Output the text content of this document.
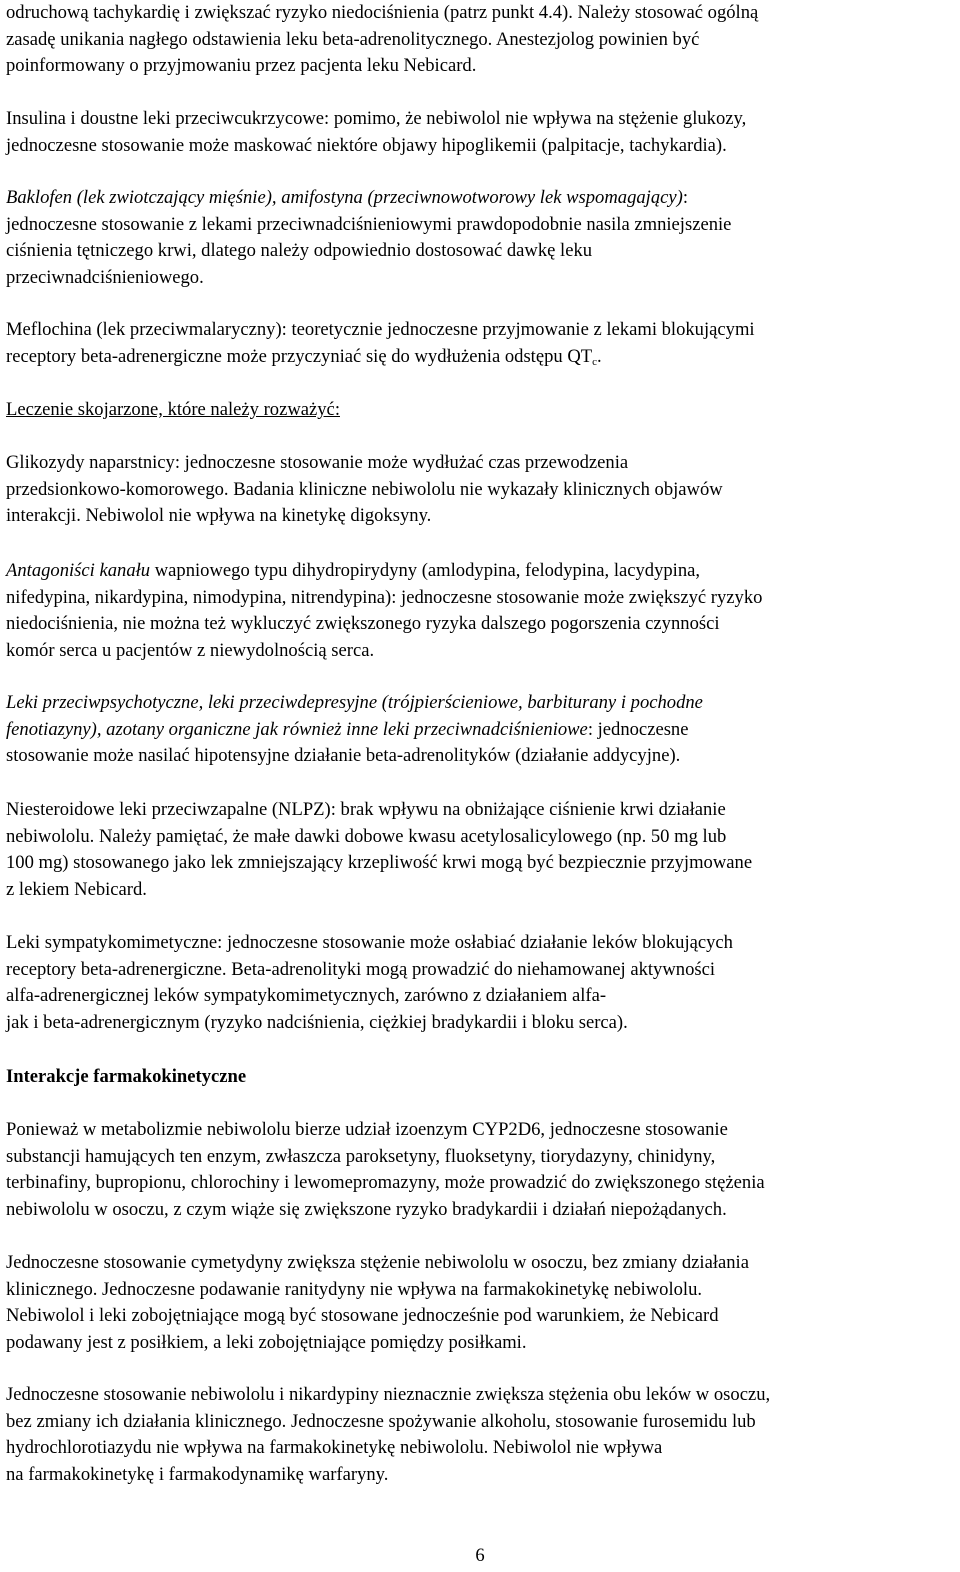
odruchową tachykardię i zwiększać ryzyko niedociśnienia (patrz punkt 4.4). Należy stosować ogólną
zasadę unikania nagłego odstawienia leku beta-adrenolitycznego. Anestezjolog powinien być
poinformowany o przyjmowaniu przez pacjenta leku Nebicard.

Insulina i doustne leki przeciwcukrzycowe: pomimo, że nebiwolol nie wpływa na stężenie glukozy,
jednoczesne stosowanie może maskować niektóre objawy hipoglikemii (palpitacje, tachykardia).

Baklofen (lek zwiotczający mięśnie), amifostyna (przeciwnowotworowy lek wspomagający):
jednoczesne stosowanie z lekami przeciwnadciśnieniowymi prawdopodobnie nasila zmniejszenie
ciśnienia tętniczego krwi, dlatego należy odpowiednio dostosować dawkę leku
przeciwnadciśnieniowego.

Meflochina (lek przeciwmalaryczny): teoretycznie jednoczesne przyjmowanie z lekami blokującymi
receptory beta-adrenergiczne może przyczyniać się do wydłużenia odstępu $QT_c$.

Leczenie skojarzone, które należy rozważyć:

Glikozydy naparstnicy: jednoczesne stosowanie może wydłużać czas przewodzenia
przedsionkowo-komorowego. Badania kliniczne nebiwololu nie wykazały klinicznych objawów
interakcji. Nebiwolol nie wpływa na kinetykę digoksyny.

Antagoniści kanału wapniowego typu dihydropirydyny (amlodypina, felodypina, lacydypina,
nifedypina, nikardypina, nimodypina, nitrendypina): jednoczesne stosowanie może zwiększyć ryzyko
niedociśnienia, nie można też wykluczyć zwiększonego ryzyka dalszego pogorszenia czynności
komór serca u pacjentów z niewydolnością serca.

Leki przeciwpsychotyczne, leki przeciwdepresyjne (trójpierścieniowe, barbiturany i pochodne
fenotiazyny), azotany organiczne jak również inne leki przeciwnadciśnieniowe: jednoczesne
stosowanie może nasilać hipotensyjne działanie beta-adrenolityków (działanie addycyjne).

Niesteroidowe leki przeciwzapalne (NLPZ): brak wpływu na obniżające ciśnienie krwi działanie
nebiwololu. Należy pamiętać, że małe dawki dobowe kwasu acetylosalicylowego (np. 50 mg lub
100 mg) stosowanego jako lek zmniejszający krzepliwość krwi mogą być bezpiecznie przyjmowane
z lekiem Nebicard.

Leki sympatykomimetyczne: jednoczesne stosowanie może osłabiać działanie leków blokujących
receptory beta-adrenergiczne. Beta-adrenolityki mogą prowadzić do niehamowanej aktywności
alfa-adrenergicznej leków sympatykomimetycznych, zarówno z działaniem alfa-
jak i beta-adrenergicznym (ryzyko nadciśnienia, ciężkiej bradykardii i bloku serca).

Interakcje farmakokinetyczne

Ponieważ w metabolizmie nebiwololu bierze udział izoenzym CYP2D6, jednoczesne stosowanie
substancji hamujących ten enzym, zwłaszcza paroksetyny, fluoksetyny, tiorydazyny, chinidyny,
terbinafiny, bupropionu, chlorochiny i lewomepromazyny, może prowadzić do zwiększonego stężenia
nebiwololu w osoczu, z czym wiąże się zwiększone ryzyko bradykardii i działań niepożądanych.

Jednoczesne stosowanie cymetydyny zwiększa stężenie nebiwololu w osoczu, bez zmiany działania
klinicznego. Jednoczesne podawanie ranitydyny nie wpływa na farmakokinetykę nebiwololu.
Nebiwolol i leki zobojętniające mogą być stosowane jednocześnie pod warunkiem, że Nebicard
podawany jest z posiłkiem, a leki zobojętniające pomiędzy posiłkami.

Jednoczesne stosowanie nebiwololu i nikardypiny nieznacznie zwiększa stężenia obu leków w osoczu,
bez zmiany ich działania klinicznego. Jednoczesne spożywanie alkoholu, stosowanie furosemidu lub
hydrochlorotiazydu nie wpływa na farmakokinetykę nebiwololu. Nebiwolol nie wpływa
na farmakokinetykę i farmakodynamikę warfaryny.

6
